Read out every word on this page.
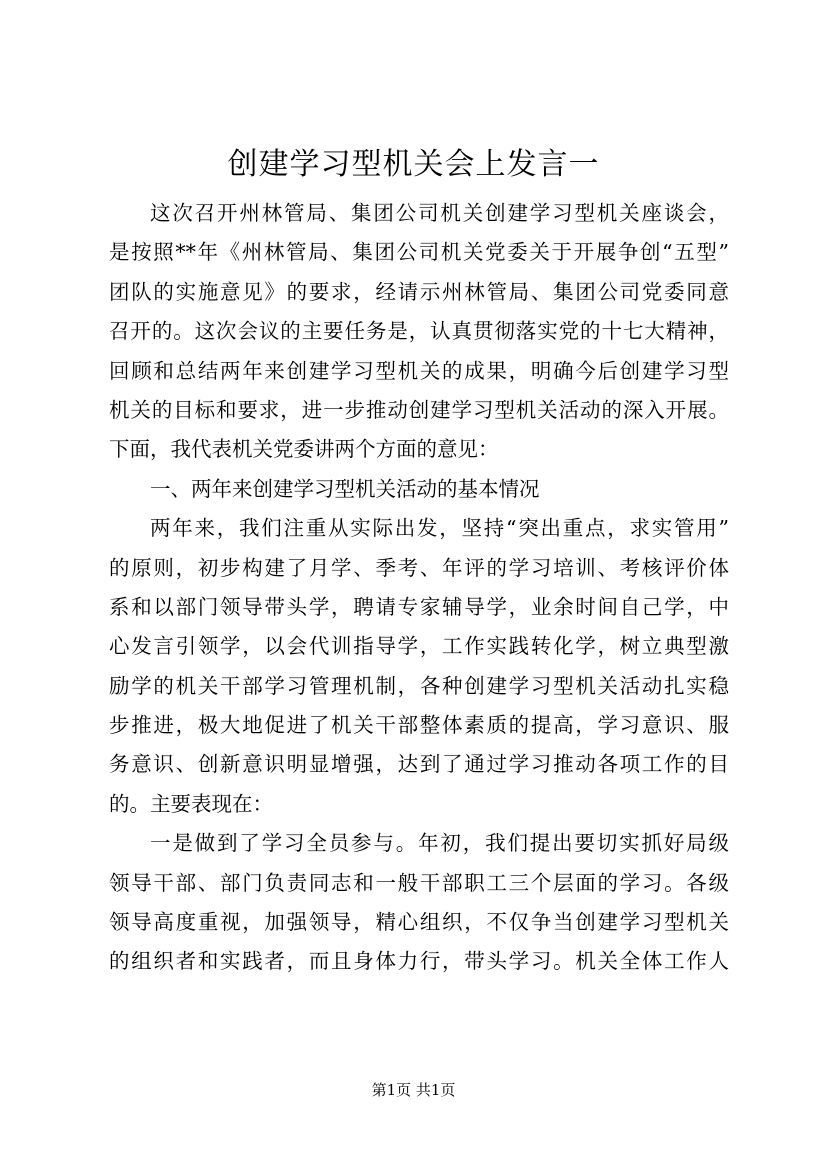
创建学习型机关会上发言一
这次召开州林管局、集团公司机关创建学习型机关座谈会，
是按照**年《州林管局、集团公司机关党委关于开展争创“五型”
团队的实施意见》的要求，经请示州林管局、集团公司党委同意
召开的。这次会议的主要任务是，认真贯彻落实党的十七大精神，
回顾和总结两年来创建学习型机关的成果，明确今后创建学习型
机关的目标和要求，进一步推动创建学习型机关活动的深入开展。
下面，我代表机关党委讲两个方面的意见：
一、两年来创建学习型机关活动的基本情况
两年来，我们注重从实际出发，坚持“突出重点，求实管用”
的原则，初步构建了月学、季考、年评的学习培训、考核评价体
系和以部门领导带头学，聘请专家辅导学，业余时间自己学，中
心发言引领学，以会代训指导学，工作实践转化学，树立典型激
励学的机关干部学习管理机制，各种创建学习型机关活动扎实稳
步推进，极大地促进了机关干部整体素质的提高，学习意识、服
务意识、创新意识明显增强，达到了通过学习推动各项工作的目
的。主要表现在：
一是做到了学习全员参与。年初，我们提出要切实抓好局级
领导干部、部门负责同志和一般干部职工三个层面的学习。各级
领导高度重视，加强领导，精心组织，不仅争当创建学习型机关
的组织者和实践者，而且身体力行，带头学习。机关全体工作人
第1页 共1页
